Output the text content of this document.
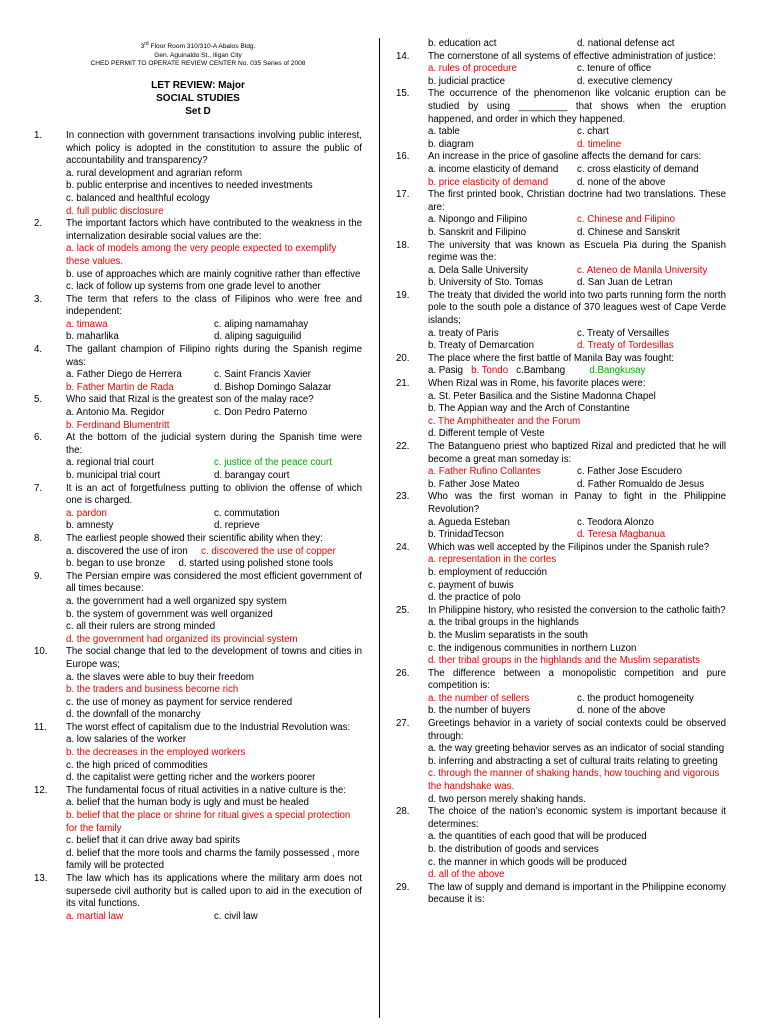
3rd Floor Room 310/310-A Abalos Bldg.
Gen. Aguinaldo St., Iligan City
CHED PERMIT TO OPERATE REVIEW CENTER No. 035 Series of 2008
LET REVIEW: Major
SOCIAL STUDIES
Set D
1.	In connection with government transactions involving public interest, which policy is adopted in the constitution to assure the public of accountability and transparency?
a. rural development and agrarian reform
b. public enterprise and incentives to needed investments
c. balanced and healthful ecology
d. full public disclosure
2.	The important factors which have contributed to the weakness in the internalization desirable social values are the:
a. lack of models among the very people expected to exemplify these values.
b. use of approaches which are mainly cognitive rather than effective
c. lack of follow up systems from one grade level to another
3.	The term that refers to the class of Filipinos who were free and independent:
a. timawa	c. aliping namamahay
b. maharlika	d. aliping saguiguilid
4.	The gallant champion of Filipino rights during the Spanish regime was:
a. Father Diego de Herrera	c. Saint Francis Xavier
b. Father Martin de Rada	d. Bishop Domingo Salazar
5.	Who said that Rizal is the greatest son of the malay race?
a. Antonio Ma. Regidor	c. Don Pedro Paterno
b. Ferdinand Blumentritt
6.	At the bottom of the judicial system during the Spanish time were the:
a. regional trial court	c. justice of the peace court
b. municipal trial court	d. barangay court
7.	It is an act of forgetfulness putting to oblivion the offense of which one is charged.
a. pardon	c. commutation
b. amnesty	d. reprieve
8.	The earliest people showed their scientific ability when they:
a. discovered the use of iron     c. discovered the use of copper
b. began to use bronze     d. started using polished stone tools
9.	The Persian empire was considered the most efficient government of all times because:
a. the government had a well organized spy system
b. the system of government was well organized
c. all their rulers are strong minded
d. the government had organized its provincial system
10.	The social change that led to the development of towns and cities in Europe was;
a. the slaves were able to buy their freedom
b. the traders and business become rich
c. the use of money as payment for service rendered
d. the downfall of the monarchy
11.	The worst effect of capitalism due to the Industrial Revolution was:
a. low salaries of the worker
b. the decreases in the employed workers
c. the high priced of commodities
d. the capitalist were getting richer and the workers poorer
12.	The fundamental focus of ritual activities in a native culture is the:
a. belief that the human body is ugly and must be healed
b. belief that the place or shrine for ritual gives a special protection for the family
c. belief that it can drive away bad spirits
d. belief that the more tools and charms the family possessed , more family will be protected
13.	The law which has its applications where the military arm does not supersede civil authority but is called upon to aid in the execution of its vital functions.
a. martial law	c. civil law
b. education act	d. national defense act
14.	The cornerstone of all systems of effective administration of justice:
a. rules of procedure	c. tenure of office
b. judicial practice	d. executive clemency
15.	The occurrence of the phenomenon like volcanic eruption can be studied by using _________ that shows when the eruption happened, and order in which they happened.
a. table	c. chart
b. diagram	d. timeline
16.	An increase in the price of gasoline affects the demand for cars:
a. income elasticity of demand	c. cross elasticity of demand
b. price elasticity of demand	d. none of the above
17.	The first printed book, Christian doctrine had two translations. These are:
a. Nipongo and Filipino	c. Chinese and Filipino
b. Sanskrit and Filipino	d. Chinese and Sanskrit
18.	The university that was known as Escuela Pia during the Spanish regime was the:
a. Dela Salle University	c. Ateneo de Manila University
b. University of Sto. Tomas	d. San Juan de Letran
19.	The treaty that divided the world into two parts running form the north pole to the south pole a distance of 370 leagues west of Cape Verde islands;
a. treaty of Paris	c. Treaty of Versailles
b. Treaty of Demarcation	d. Treaty of Tordesillas
20.	The place where the first battle of Manila Bay was fought:
a. Pasig   b. Tondo   c.Bambang         d.Bangkusay
21.	When Rizal was in Rome, his favorite places were:
a. St. Peter Basilica and the Sistine Madonna Chapel
b. The Appian way and the Arch of Constantine
c. The Amphitheater and the Forum
d. Different temple of Veste
22.	The Batangueno priest who baptized Rizal and predicted that he will become a great man someday is:
a. Father Rufino Collantes	c. Father Jose Escudero
b. Father Jose Mateo	d. Father Romualdo de Jesus
23.	Who was the first woman in Panay to fight in the Philippine Revolution?
a. Agueda Esteban	c. Teodora Alonzo
b. TrinidadTecson	d. Teresa Magbanua
24.	Which was well accepted by the Filipinos under the Spanish rule?
a. representation in the cortes
b. employment of reducción
c. payment of buwis
d. the practice of polo
25.	In Philippine history, who resisted the conversion to the catholic faith?
a. the tribal groups in the highlands
b. the Muslim separatists in the south
c. the indigenous communities in northern Luzon
d. ther tribal groups in the highlands and the Muslim separatists
26.	The difference between a monopolistic competition and pure competition is:
a. the number of sellers	c. the product homogeneity
b. the number of buyers	d. none of the above
27.	Greetings behavior in a variety of social contexts could be observed through:
a. the way greeting behavior serves as an indicator of social standing
b. inferring and abstracting a set of cultural traits relating to greeting
c. through the manner of shaking hands, how touching and vigorous the handshake was.
d. two person merely shaking hands.
28.	The choice of the nation’s economic system is important because it determines:
a. the quantities of each good that will be produced
b. the distribution of goods and services
c. the manner in which goods will be produced
d. all of the above
29.	The law of supply and demand is important in the Philippine economy because it is:
